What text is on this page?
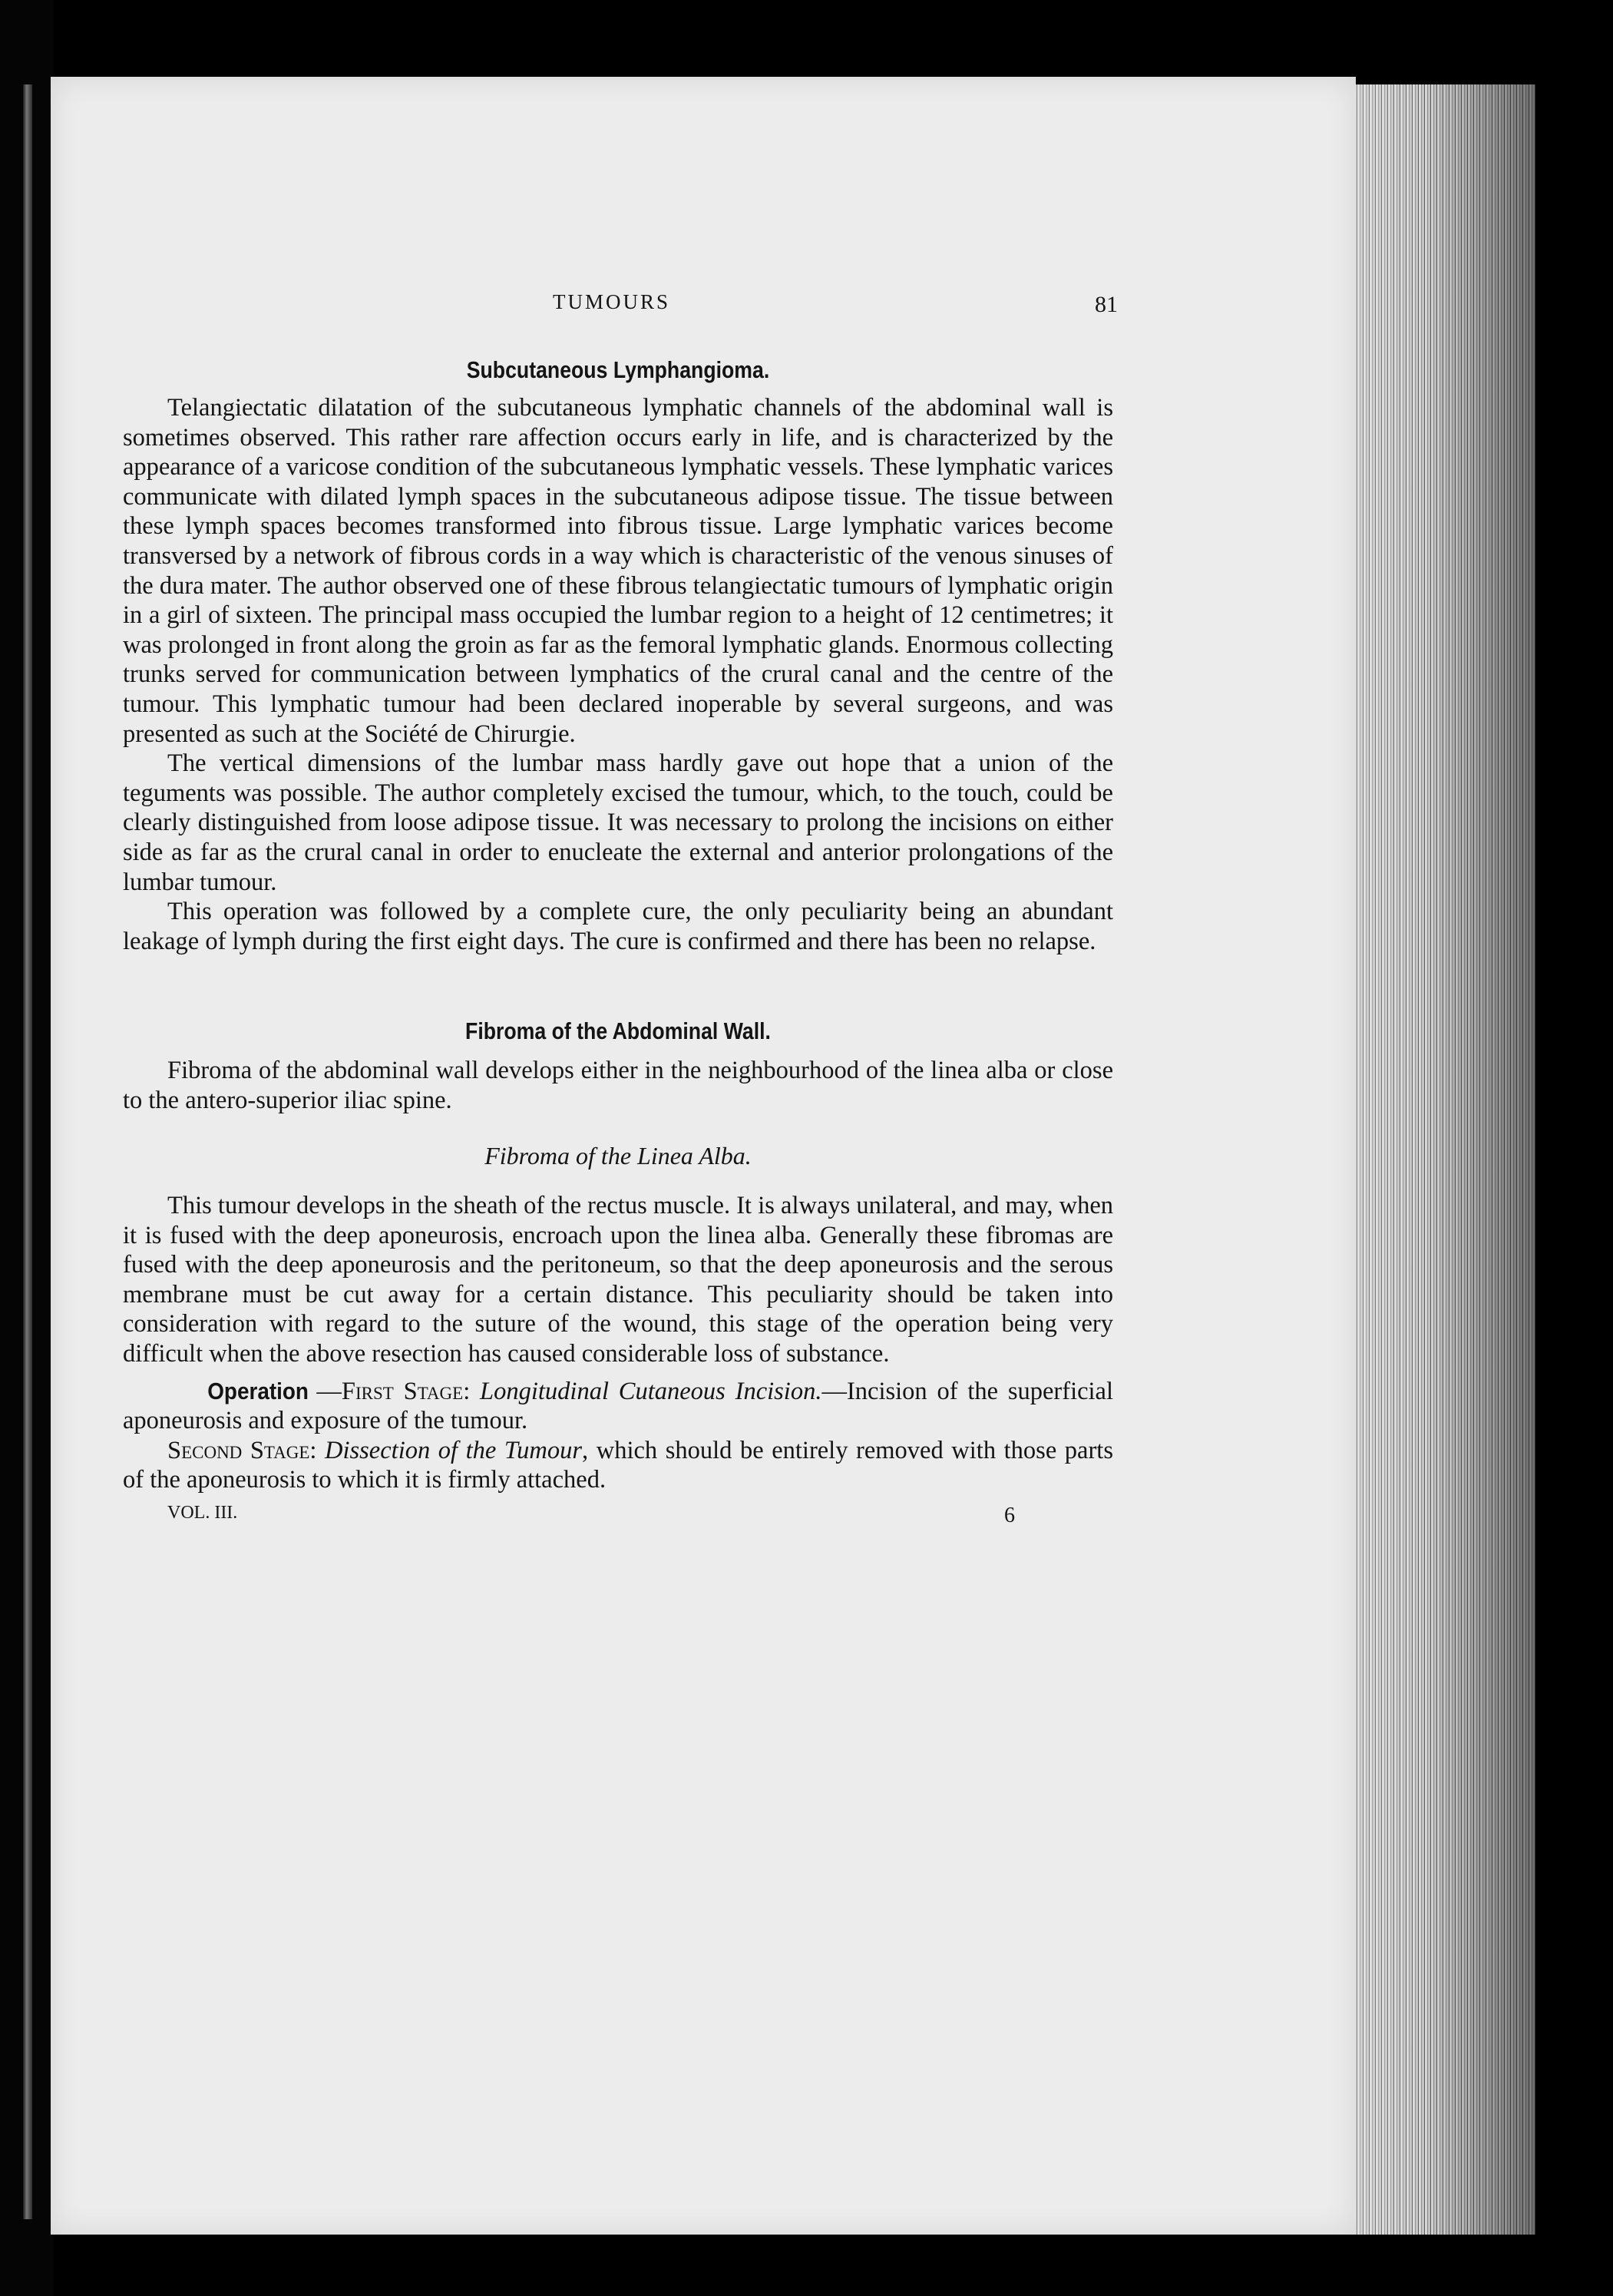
TUMOURS	81
Subcutaneous Lymphangioma.

Telangiectatic dilatation of the subcutaneous lymphatic channels of the abdominal wall is sometimes observed. This rather rare affection occurs early in life, and is characterized by the appearance of a varicose condition of the subcutaneous lymphatic vessels. These lymphatic varices communicate with dilated lymph spaces in the subcutaneous adipose tissue. The tissue between these lymph spaces becomes transformed into fibrous tissue. Large lymphatic varices become transversed by a network of fibrous cords in a way which is characteristic of the venous sinuses of the dura mater. The author observed one of these fibrous telangiectatic tumours of lymphatic origin in a girl of sixteen. The principal mass occupied the lumbar region to a height of 12 centimetres; it was prolonged in front along the groin as far as the femoral lymphatic glands. Enormous collecting trunks served for communication between lymphatics of the crural canal and the centre of the tumour. This lymphatic tumour had been declared inoperable by several surgeons, and was presented as such at the Société de Chirurgie.

The vertical dimensions of the lumbar mass hardly gave out hope that a union of the teguments was possible. The author completely excised the tumour, which, to the touch, could be clearly distinguished from loose adipose tissue. It was necessary to prolong the incisions on either side as far as the crural canal in order to enucleate the external and anterior prolongations of the lumbar tumour.

This operation was followed by a complete cure, the only peculiarity being an abundant leakage of lymph during the first eight days. The cure is confirmed and there has been no relapse.

Fibroma of the Abdominal Wall.

Fibroma of the abdominal wall develops either in the neighbourhood of the linea alba or close to the antero-superior iliac spine.

Fibroma of the Linea Alba.

This tumour develops in the sheath of the rectus muscle. It is always unilateral, and may, when it is fused with the deep aponeurosis, encroach upon the linea alba. Generally these fibromas are fused with the deep aponeurosis and the peritoneum, so that the deep aponeurosis and the serous membrane must be cut away for a certain distance. This peculiarity should be taken into consideration with regard to the suture of the wound, this stage of the operation being very difficult when the above resection has caused considerable loss of substance.

Operation —First Stage: Longitudinal Cutaneous Incision.—Incision of the superficial aponeurosis and exposure of the tumour.

Second Stage: Dissection of the Tumour, which should be entirely removed with those parts of the aponeurosis to which it is firmly attached.

VOL. III.	6
